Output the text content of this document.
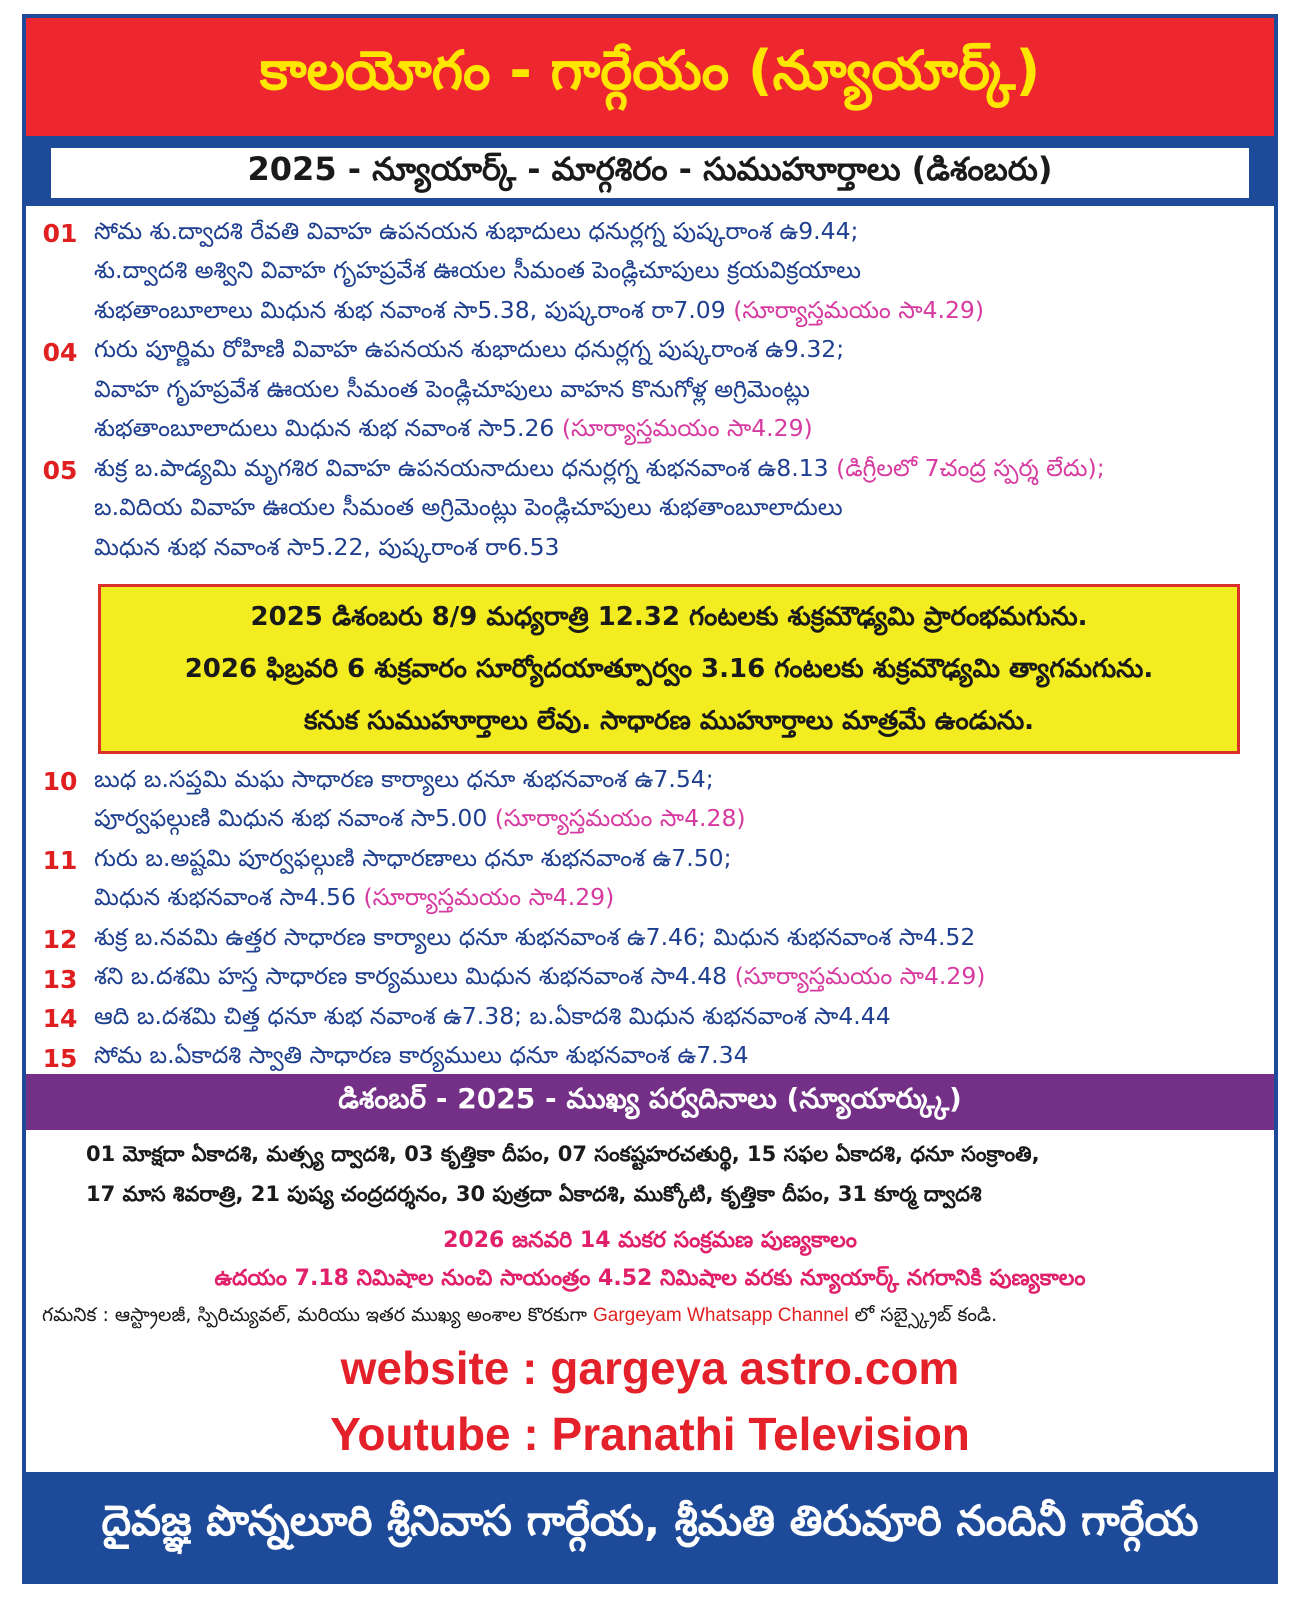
కాలయోగం - గార్గేయం (న్యూయార్క్)
2025 - న్యూయార్క్ - మార్గశిరం - సుముహూర్తాలు (డిశంబరు)
01 సోమ శు.ద్వాదశి రేవతి వివాహ ఉపనయన శుభాదులు ధనుర్లగ్న పుష్కరాంశ ఉ9.44;
శు.ద్వాదశి అశ్విని వివాహ గృహప్రవేశ ఊయల సీమంత పెండ్లిచూపులు క్రయవిక్రయాలు
శుభతాంబూలాలు మిధున శుభ నవాంశ సా5.38, పుష్కరాంశ రా7.09 (సూర్యాస్తమయం సా4.29)
04 గురు పూర్ణిమ రోహిణి వివాహ ఉపనయన శుభాదులు ధనుర్లగ్న పుష్కరాంశ ఉ9.32;
వివాహ గృహప్రవేశ ఊయల సీమంత పెండ్లిచూపులు వాహన కొనుగోళ్ల అగ్రిమెంట్లు
శుభతాంబూలాదులు మిధున శుభ నవాంశ సా5.26 (సూర్యాస్తమయం సా4.29)
05 శుక్ర బ.పాడ్యమి మృగశిర వివాహ ఉపనయనాదులు ధనుర్లగ్న శుభనవాంశ ఉ8.13 (డిగ్రీలలో 7చంద్ర స్పర్శ లేదు);
బ.విదియ వివాహ ఊయల సీమంత అగ్రిమెంట్లు పెండ్లిచూపులు శుభతాంబూలాదులు
మిధున శుభ నవాంశ సా5.22, పుష్కరాంశ రా6.53
2025 డిశంబరు 8/9 మధ్యరాత్రి 12.32 గంటలకు శుక్రమౌఢ్యమి ప్రారంభమగును.
2026 ఫిబ్రవరి 6 శుక్రవారం సూర్యోదయాత్పూర్వం 3.16 గంటలకు శుక్రమౌఢ్యమి త్యాగమగును.
కనుక సుముహూర్తాలు లేవు. సాధారణ ముహూర్తాలు మాత్రమే ఉండును.
10 బుధ బ.సప్తమి మఘ సాధారణ కార్యాలు ధనూ శుభనవాంశ ఉ7.54;
పూర్వఫల్గుణి మిధున శుభ నవాంశ సా5.00 (సూర్యాస్తమయం సా4.28)
11 గురు బ.అష్టమి పూర్వఫల్గుణి సాధారణాలు ధనూ శుభనవాంశ ఉ7.50;
మిధున శుభనవాంశ సా4.56 (సూర్యాస్తమయం సా4.29)
12 శుక్ర బ.నవమి ఉత్తర సాధారణ కార్యాలు ధనూ శుభనవాంశ ఉ7.46; మిధున శుభనవాంశ సా4.52
13 శని బ.దశమి హస్త సాధారణ కార్యములు మిధున శుభనవాంశ సా4.48 (సూర్యాస్తమయం సా4.29)
14 ఆది బ.దశమి చిత్త ధనూ శుభ నవాంశ ఉ7.38; బ.ఏకాదశి మిధున శుభనవాంశ సా4.44
15 సోమ బ.ఏకాదశి స్వాతి సాధారణ కార్యములు ధనూ శుభనవాంశ ఉ7.34
డిశంబర్ - 2025 - ముఖ్య పర్వదినాలు (న్యూయార్క్కు)
01 మోక్షదా ఏకాదశి, మత్స్య ద్వాదశి, 03 కృత్తికా దీపం, 07 సంకష్టహరచతుర్థి, 15 సఫల ఏకాదశి, ధనూ సంక్రాంతి,
17 మాస శివరాత్రి, 21 పుష్య చంద్రదర్శనం, 30 పుత్రదా ఏకాదశి, ముక్కోటి, కృత్తికా దీపం, 31 కూర్మ ద్వాదశి
2026 జనవరి 14 మకర సంక్రమణ పుణ్యకాలం
ఉదయం 7.18 నిమిషాల నుంచి సాయంత్రం 4.52 నిమిషాల వరకు న్యూయార్క్ నగరానికి పుణ్యకాలం
గమనిక : ఆస్ట్రాలజీ, స్పిరిచ్యువల్, మరియు ఇతర ముఖ్య అంశాల కొరకుగా Gargeyam Whatsapp Channel లో సబ్స్క్రైబ్ కండి.
website : gargeya astro.com
Youtube : Pranathi Television
దైవజ్ఞ పొన్నలూరి శ్రీనివాస గార్గేయ, శ్రీమతి తిరువూరి నందినీ గార్గేయ
